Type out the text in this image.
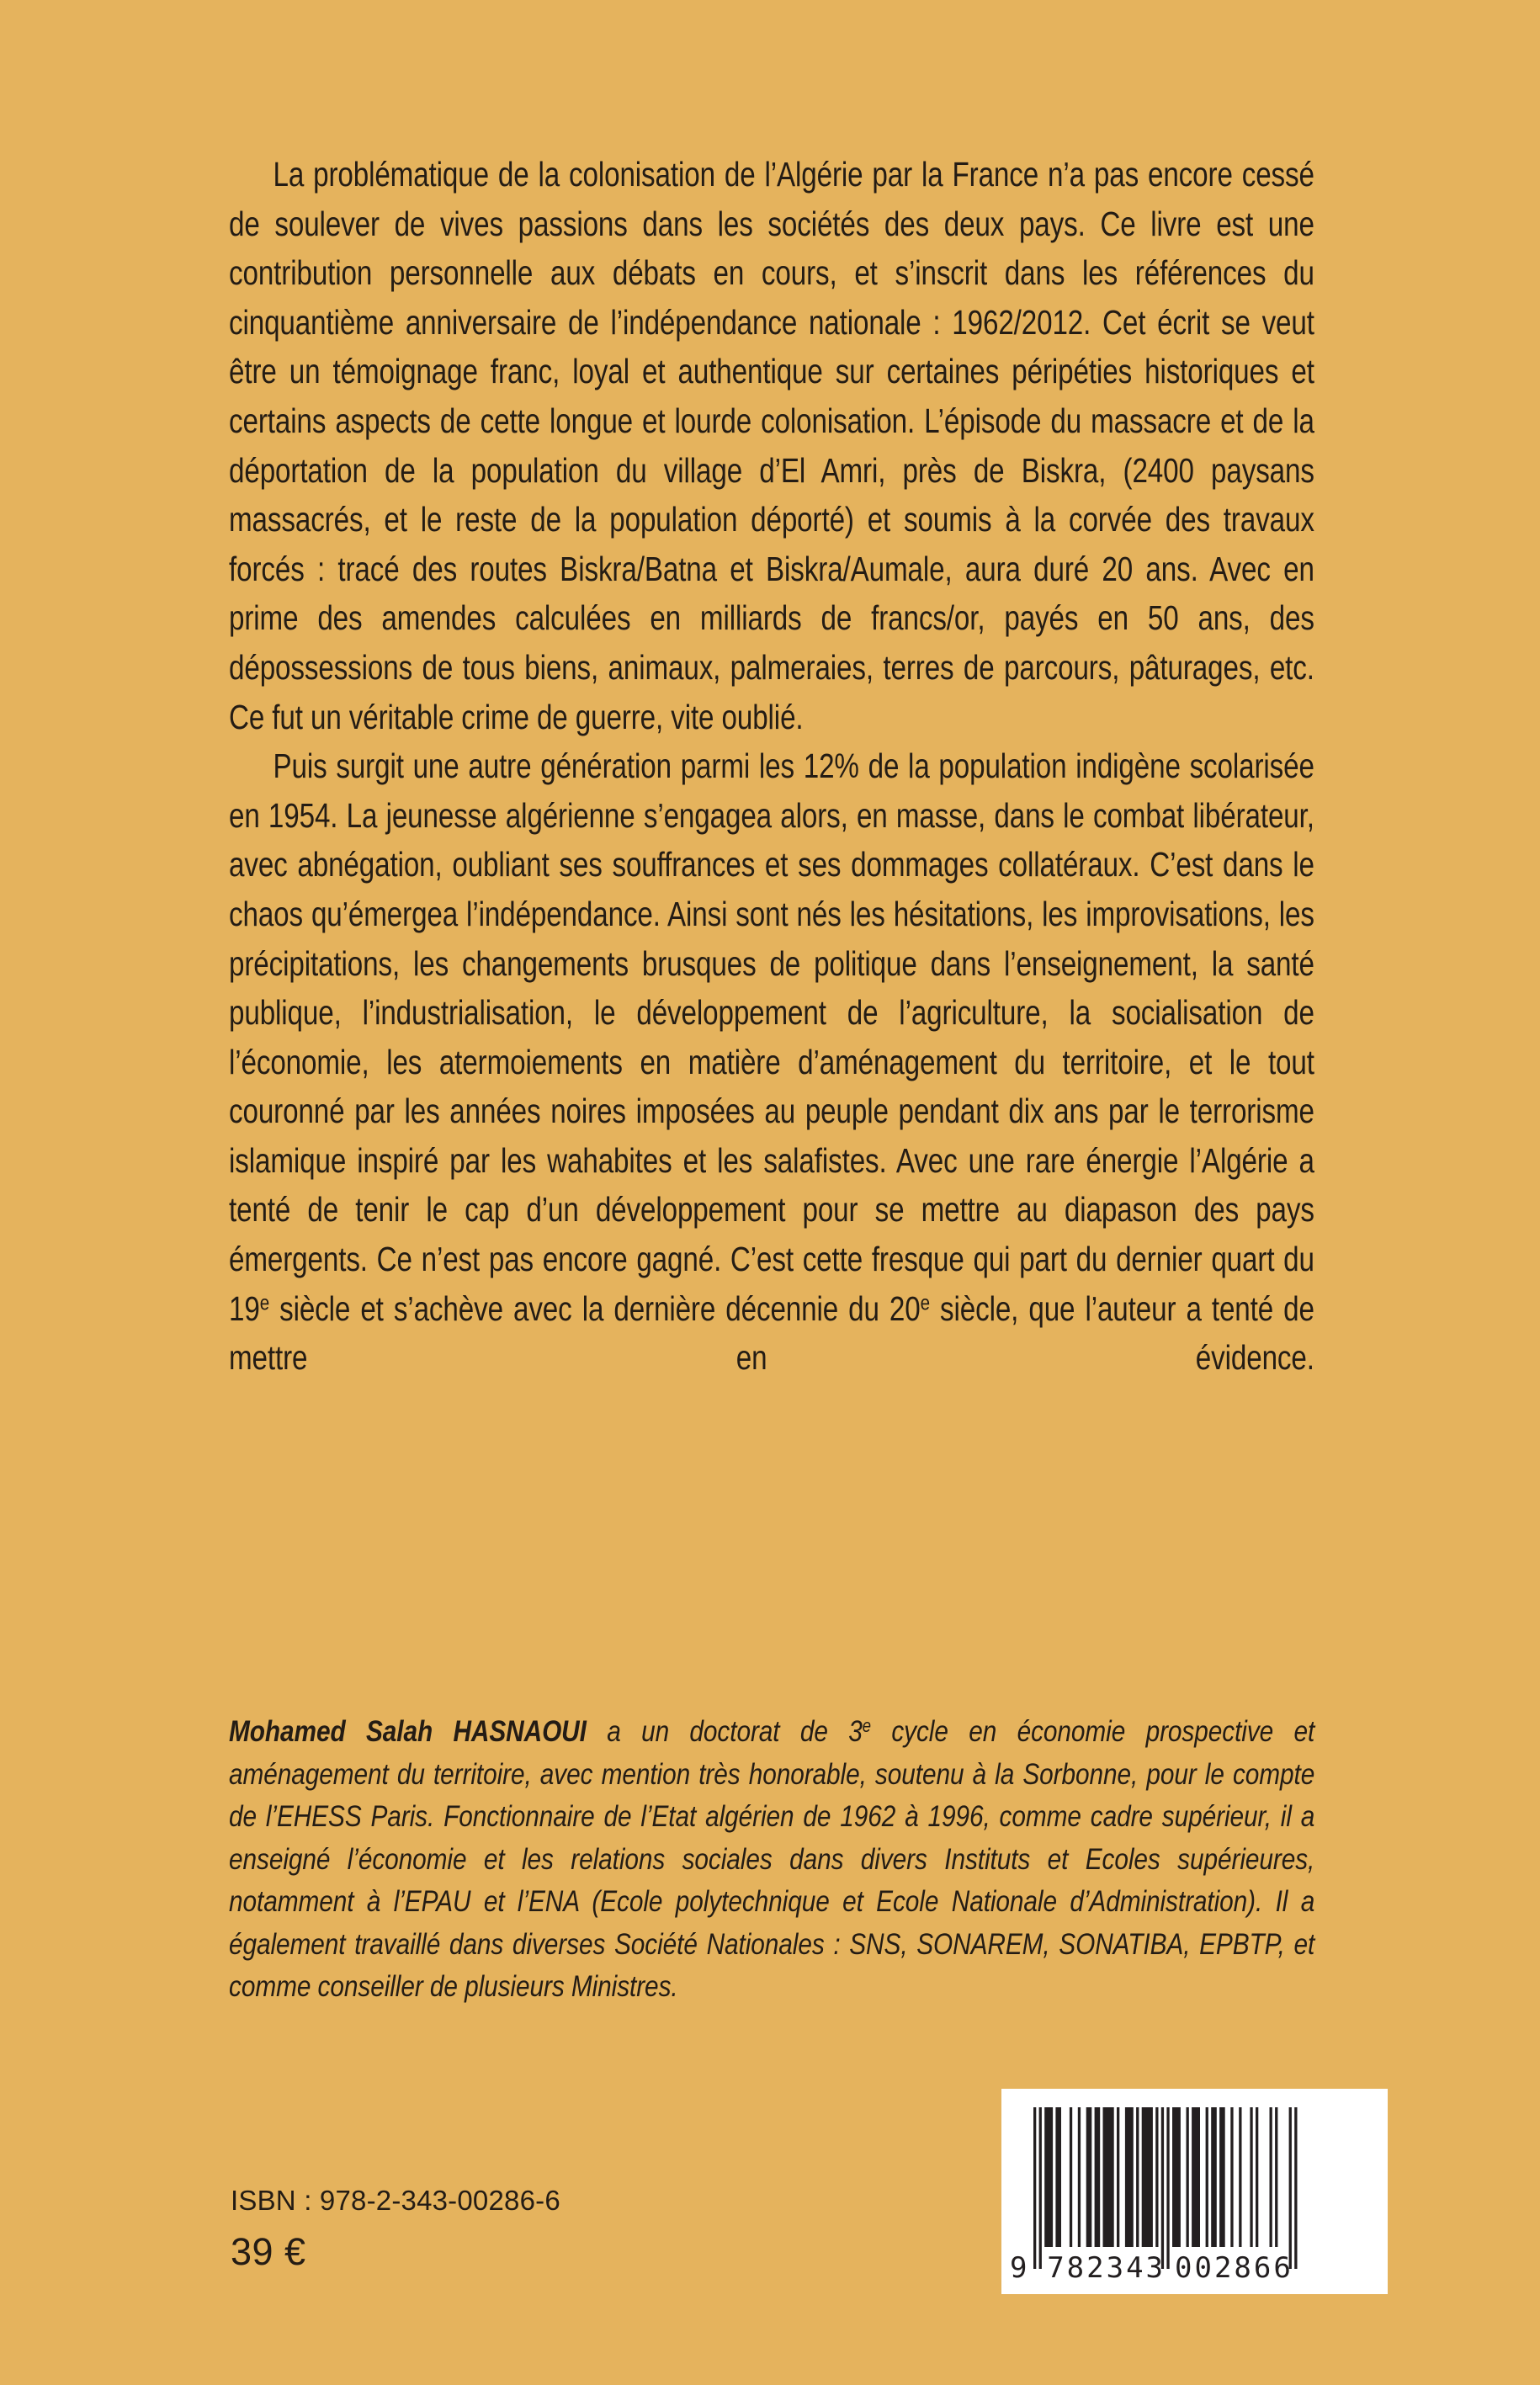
La problématique de la colonisation de l’Algérie par la France n’a pas encore cessé de soulever de vives passions dans les sociétés des deux pays. Ce livre est une contribution personnelle aux débats en cours, et s’inscrit dans les références du cinquantième anniversaire de l’indépendance nationale : 1962/2012. Cet écrit se veut être un témoignage franc, loyal et authentique sur certaines péripéties historiques et certains aspects de cette longue et lourde colonisation. L’épisode du massacre et de la déportation de la population du village d’El Amri, près de Biskra, (2400 paysans massacrés, et le reste de la population déporté) et soumis à la corvée des travaux forcés : tracé des routes Biskra/Batna et Biskra/Aumale, aura duré 20 ans. Avec en prime des amendes calculées en milliards de francs/or, payés en 50 ans, des dépossessions de tous biens, animaux, palmeraies, terres de parcours, pâturages, etc. Ce fut un véritable crime de guerre, vite oublié.

Puis surgit une autre génération parmi les 12% de la population indigène scolarisée en 1954. La jeunesse algérienne s’engagea alors, en masse, dans le combat libérateur, avec abnégation, oubliant ses souffrances et ses dommages collatéraux. C’est dans le chaos qu’émergea l’indépendance. Ainsi sont nés les hésitations, les improvisations, les précipitations, les changements brusques de politique dans l’enseignement, la santé publique, l’industrialisation, le développement de l’agriculture, la socialisation de l’économie, les atermoiements en matière d’aménagement du territoire, et le tout couronné par les années noires imposées au peuple pendant dix ans par le terrorisme islamique inspiré par les wahabites et les salafistes. Avec une rare énergie l’Algérie a tenté de tenir le cap d’un développement pour se mettre au diapason des pays émergents. Ce n’est pas encore gagné. C’est cette fresque qui part du dernier quart du 19e siècle et s’achève avec la dernière décennie du 20e siècle, que l’auteur a tenté de mettre en évidence.

Mohamed Salah HASNAOUI a un doctorat de 3e cycle en économie prospective et aménagement du territoire, avec mention très honorable, soutenu à la Sorbonne, pour le compte de l’EHESS Paris. Fonctionnaire de l’Etat algérien de 1962 à 1996, comme cadre supérieur, il a enseigné l’économie et les relations sociales dans divers Instituts et Ecoles supérieures, notamment à l’EPAU et l’ENA (Ecole polytechnique et Ecole Nationale d’Administration). Il a également travaillé dans diverses Société Nationales : SNS, SONAREM, SONATIBA, EPBTP, et comme conseiller de plusieurs Ministres.

ISBN : 978-2-343-00286-6
39 €	9 782343 002866
